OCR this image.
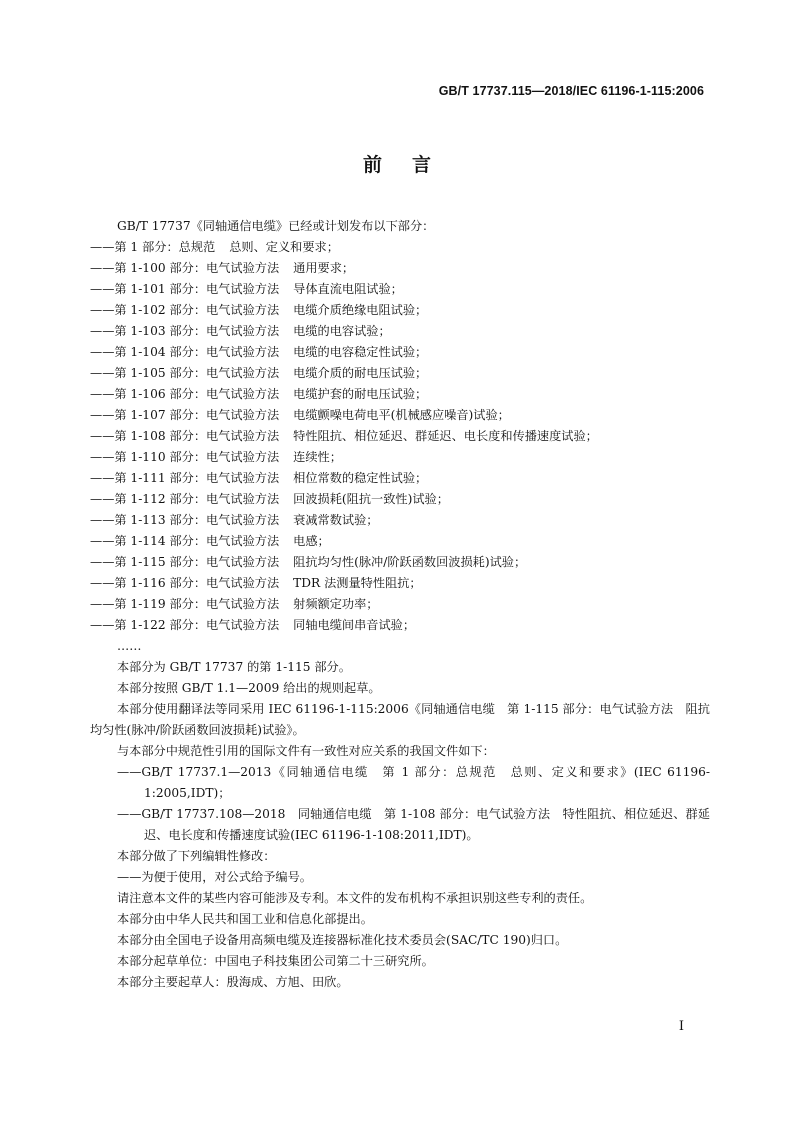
GB/T 17737.115—2018/IEC 61196-1-115:2006
前言
GB/T 17737《同轴通信电缆》已经或计划发布以下部分：
——第 1 部分：总规范 总则、定义和要求；
——第 1-100 部分：电气试验方法 通用要求；
——第 1-101 部分：电气试验方法 导体直流电阻试验；
——第 1-102 部分：电气试验方法 电缆介质绝缘电阻试验；
——第 1-103 部分：电气试验方法 电缆的电容试验；
——第 1-104 部分：电气试验方法 电缆的电容稳定性试验；
——第 1-105 部分：电气试验方法 电缆介质的耐电压试验；
——第 1-106 部分：电气试验方法 电缆护套的耐电压试验；
——第 1-107 部分：电气试验方法 电缆颤噪电荷电平(机械感应噪音)试验；
——第 1-108 部分：电气试验方法 特性阻抗、相位延迟、群延迟、电长度和传播速度试验；
——第 1-110 部分：电气试验方法 连续性；
——第 1-111 部分：电气试验方法 相位常数的稳定性试验；
——第 1-112 部分：电气试验方法 回波损耗(阻抗一致性)试验；
——第 1-113 部分：电气试验方法 衰减常数试验；
——第 1-114 部分：电气试验方法 电感；
——第 1-115 部分：电气试验方法 阻抗均匀性(脉冲/阶跃函数回波损耗)试验；
——第 1-116 部分：电气试验方法 TDR 法测量特性阻抗；
——第 1-119 部分：电气试验方法 射频额定功率；
——第 1-122 部分：电气试验方法 同轴电缆间串音试验；
……
本部分为 GB/T 17737 的第 1-115 部分。
本部分按照 GB/T 1.1—2009 给出的规则起草。
本部分使用翻译法等同采用 IEC 61196-1-115:2006《同轴通信电缆　第 1-115 部分：电气试验方法　阻抗均匀性(脉冲/阶跃函数回波损耗)试验》。
与本部分中规范性引用的国际文件有一致性对应关系的我国文件如下：
——GB/T 17737.1—2013《同轴通信电缆　第 1 部分：总规范　总则、定义和要求》(IEC 61196-1:2005,IDT)；
——GB/T 17737.108—2018　同轴通信电缆　第 1-108 部分：电气试验方法　特性阻抗、相位延迟、群延迟、电长度和传播速度试验(IEC 61196-1-108:2011,IDT)。
本部分做了下列编辑性修改：
——为便于使用，对公式给予编号。
请注意本文件的某些内容可能涉及专利。本文件的发布机构不承担识别这些专利的责任。
本部分由中华人民共和国工业和信息化部提出。
本部分由全国电子设备用高频电缆及连接器标准化技术委员会(SAC/TC 190)归口。
本部分起草单位：中国电子科技集团公司第二十三研究所。
本部分主要起草人：殷海成、方旭、田欣。
I
